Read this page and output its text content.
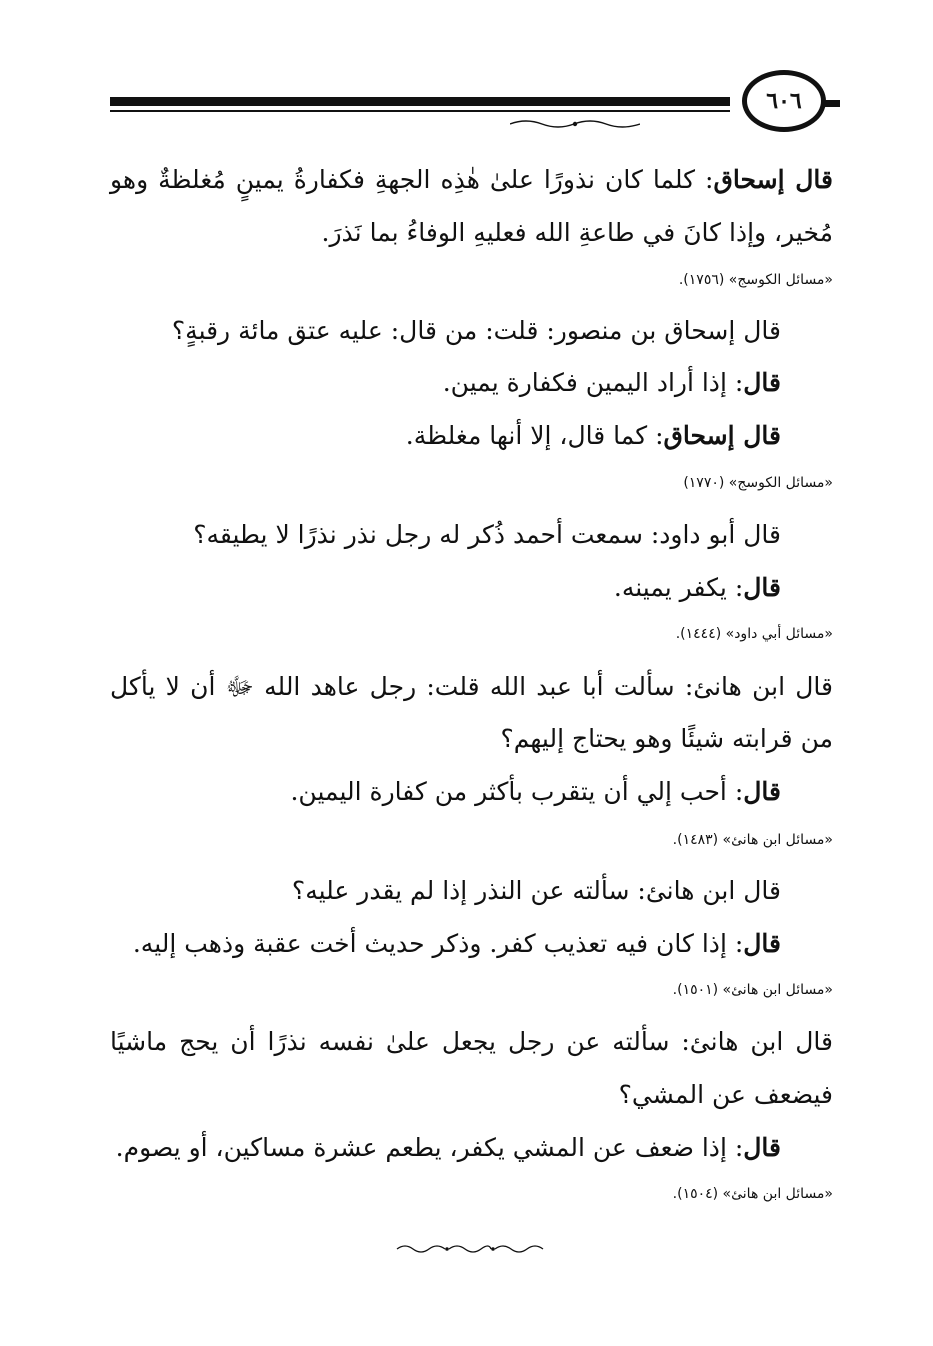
٦٠٦
قال إسحاق: كلما كان نذورًا علىٰ هٰذِه الجهةِ فكفارةُ يمينٍ مُغلظةٌ وهو
مُخير، وإذا كانَ في طاعةِ الله فعليهِ الوفاءُ بما نَذرَ.
«مسائل الكوسج» (١٧٥٦).
قال إسحاق بن منصور: قلت: من قال: عليه عتق مائة رقبةٍ؟
قال: إذا أراد اليمين فكفارة يمين.
قال إسحاق: كما قال، إلا أنها مغلظة.
«مسائل الكوسج» (١٧٧٠)
قال أبو داود: سمعت أحمد ذُكر له رجل نذر نذرًا لا يطيقه؟
قال: يكفر يمينه.
«مسائل أبي داود» (١٤٤٤).
قال ابن هانئ: سألت أبا عبد الله قلت: رجل عاهد الله ﷻ أن لا يأكل
من قرابته شيئًا وهو يحتاج إليهم؟
قال: أحب إلي أن يتقرب بأكثر من كفارة اليمين.
«مسائل ابن هانئ» (١٤٨٣).
قال ابن هانئ: سألته عن النذر إذا لم يقدر عليه؟
قال: إذا كان فيه تعذيب كفر. وذكر حديث أخت عقبة وذهب إليه.
«مسائل ابن هانئ» (١٥٠١).
قال ابن هانئ: سألته عن رجل يجعل علىٰ نفسه نذرًا أن يحج ماشيًا
فيضعف عن المشي؟
قال: إذا ضعف عن المشي يكفر، يطعم عشرة مساكين، أو يصوم.
«مسائل ابن هانئ» (١٥٠٤).
